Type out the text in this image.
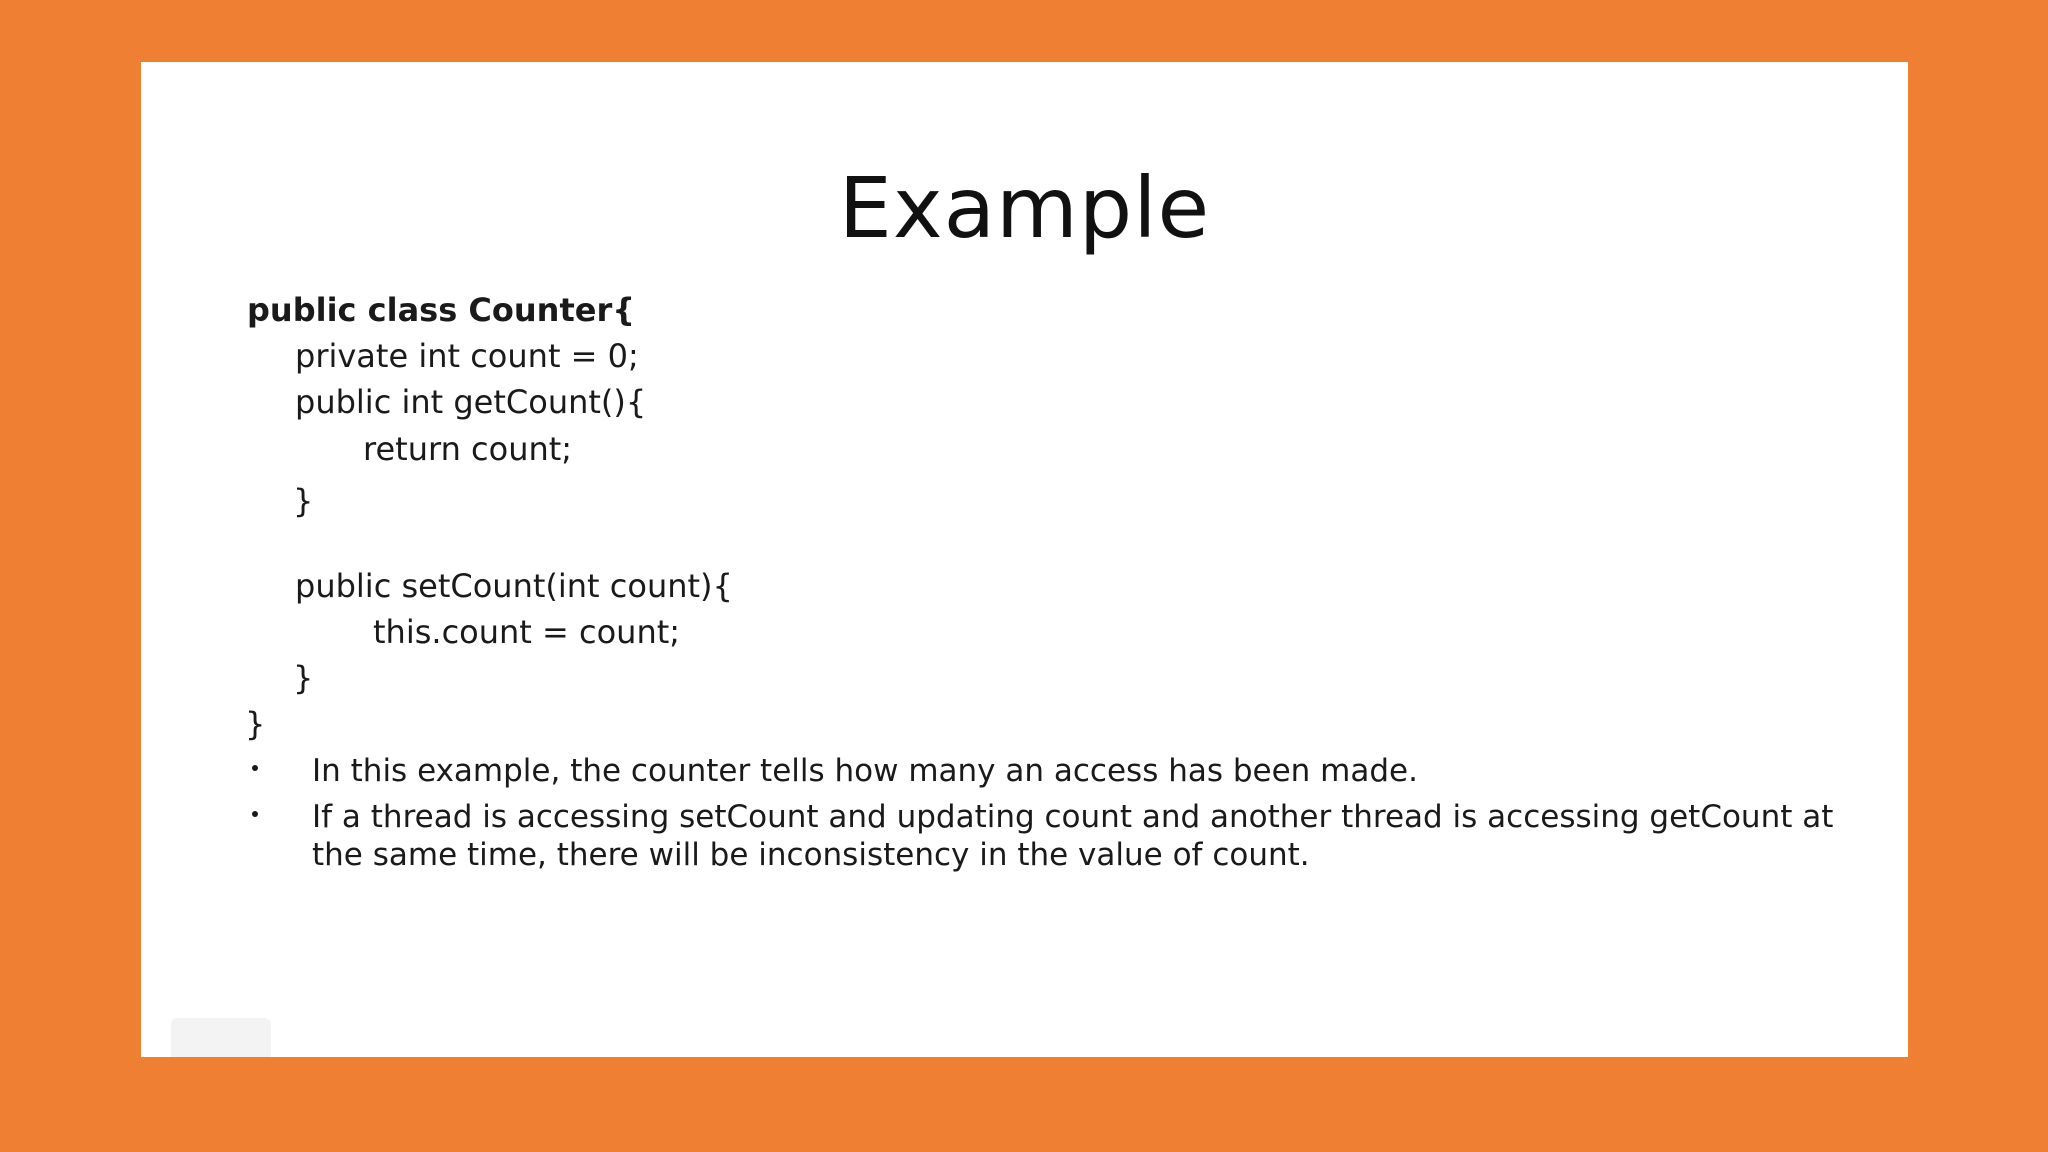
Example
public class Counter{
private int count = 0;
public int getCount(){
return count;
}
public setCount(int count){
this.count = count;
}
}
In this example, the counter tells how many an access has been made.
If a thread is accessing setCount and updating count and another thread is accessing getCount at the same time, there will be inconsistency in the value of count.
